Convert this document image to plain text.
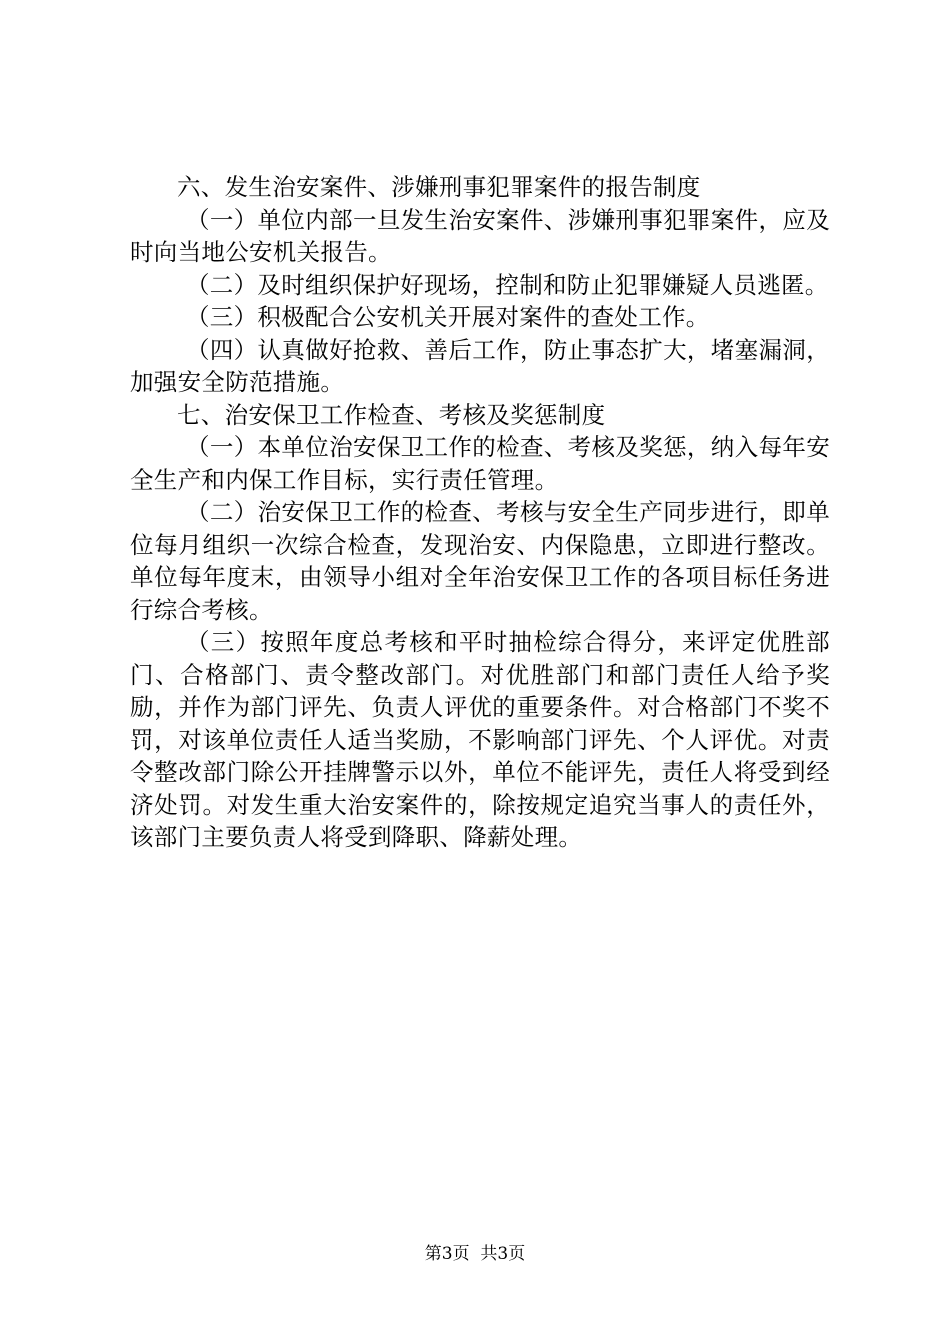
六、发生治安案件、涉嫌刑事犯罪案件的报告制度

（一）单位内部一旦发生治安案件、涉嫌刑事犯罪案件，应及时向当地公安机关报告。

（二）及时组织保护好现场，控制和防止犯罪嫌疑人员逃匿。

（三）积极配合公安机关开展对案件的查处工作。

（四）认真做好抢救、善后工作，防止事态扩大，堵塞漏洞，加强安全防范措施。

七、治安保卫工作检查、考核及奖惩制度

（一）本单位治安保卫工作的检查、考核及奖惩，纳入每年安全生产和内保工作目标，实行责任管理。

（二）治安保卫工作的检查、考核与安全生产同步进行，即单位每月组织一次综合检查，发现治安、内保隐患，立即进行整改。单位每年度末，由领导小组对全年治安保卫工作的各项目标任务进行综合考核。

（三）按照年度总考核和平时抽检综合得分，来评定优胜部门、合格部门、责令整改部门。对优胜部门和部门责任人给予奖励，并作为部门评先、负责人评优的重要条件。对合格部门不奖不罚，对该单位责任人适当奖励，不影响部门评先、个人评优。对责令整改部门除公开挂牌警示以外，单位不能评先，责任人将受到经济处罚。对发生重大治安案件的，除按规定追究当事人的责任外，该部门主要负责人将受到降职、降薪处理。

第3页  共3页
